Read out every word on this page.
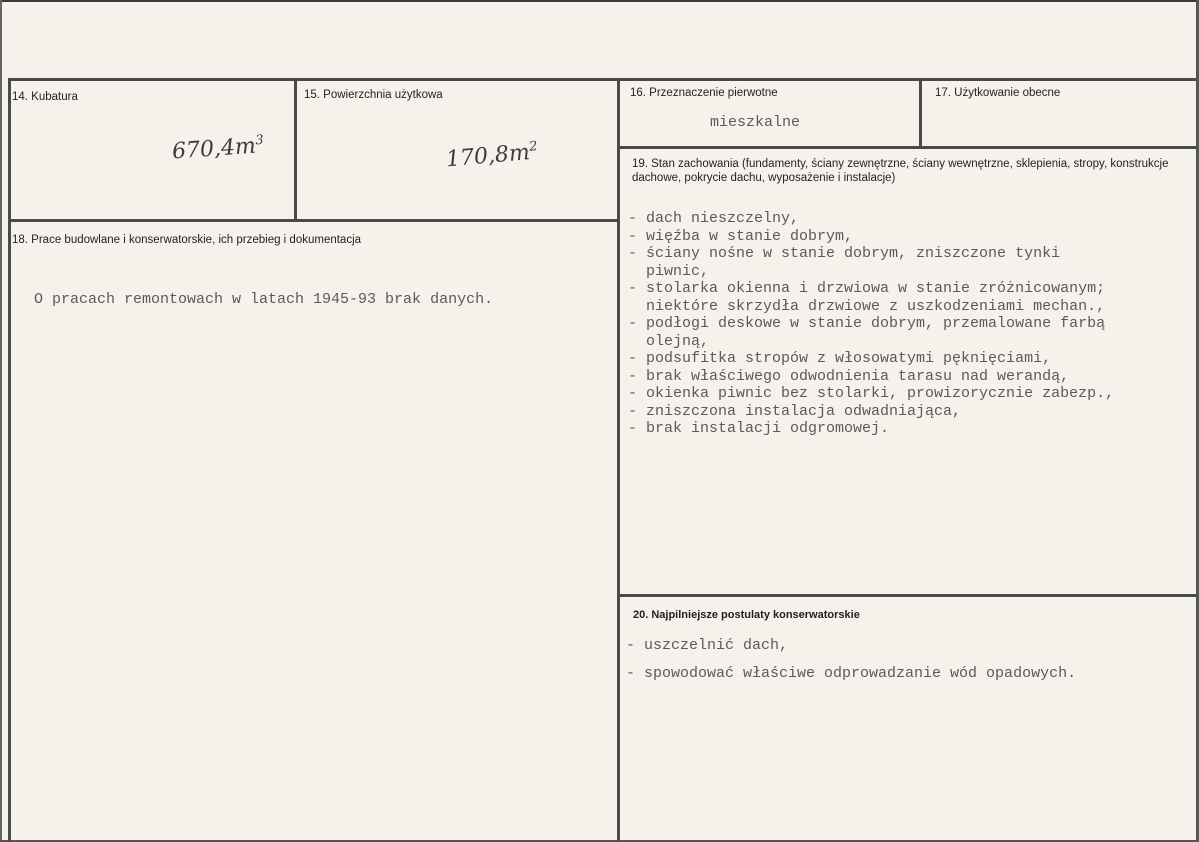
14. Kubatura
$670,4m^3$
15. Powierzchnia użytkowa
$170,8m^2$
16. Przeznaczenie pierwotne
mieszkalne
17. Użytkowanie obecne
18. Prace budowlane i konserwatorskie, ich przebieg i dokumentacja
O pracach remontowach w latach 1945-93 brak danych.
19. Stan zachowania (fundamenty, ściany zewnętrzne, ściany wewnętrzne, sklepienia, stropy, konstrukcje dachowe, pokrycie dachu, wyposażenie i instalacje)
- dach nieszczelny,
- więźba w stanie dobrym,
- ściany nośne w stanie dobrym, zniszczone tynki
piwnic,
- stolarka okienna i drzwiowa w stanie zróżnicowanym;
niektóre skrzydła drzwiowe z uszkodzeniami mechan.,
- podłogi deskowe w stanie dobrym, przemalowane farbą
olejną,
- podsufitka stropów z włosowatymi pęknięciami,
- brak właściwego odwodnienia tarasu nad werandą,
- okienka piwnic bez stolarki, prowizorycznie zabezp.,
- zniszczona instalacja odwadniająca,
- brak instalacji odgromowej.
20. Najpilniejsze postulaty konserwatorskie
- uszczelnić dach,
- spowodować właściwe odprowadzanie wód opadowych.
